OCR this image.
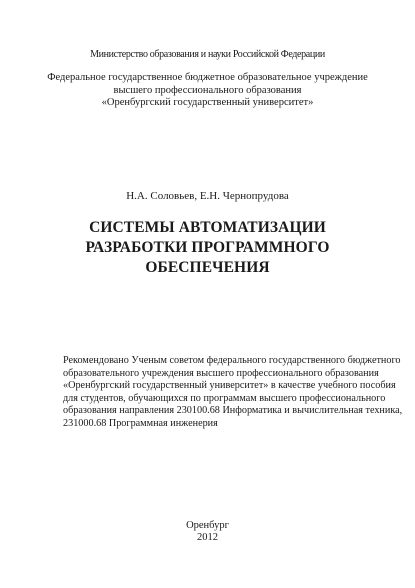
Министерство образования и науки Российской Федерации
Федеральное государственное бюджетное образовательное учреждение
высшего профессионального образования
«Оренбургский государственный университет»
Н.А. Соловьев, Е.Н. Чернопрудова
СИСТЕМЫ АВТОМАТИЗАЦИИ
РАЗРАБОТКИ ПРОГРАММНОГО
ОБЕСПЕЧЕНИЯ
Рекомендовано Ученым советом федерального государственного бюджетного
образовательного учреждения высшего профессионального образования
«Оренбургский государственный университет» в качестве учебного пособия
для студентов, обучающихся по программам высшего профессионального
образования направления 230100.68 Информатика и вычислительная техника,
231000.68 Программная инженерия
Оренбург
2012
